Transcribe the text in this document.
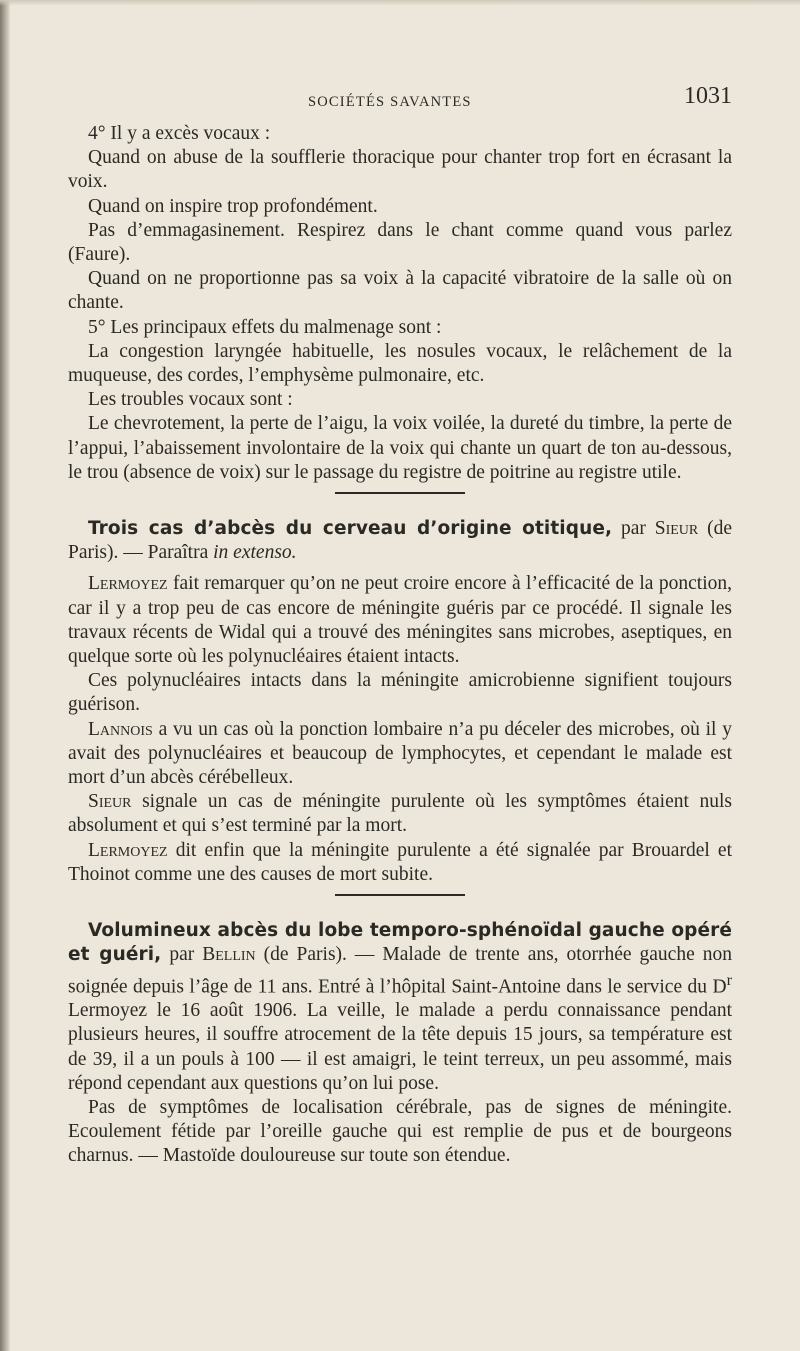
SOCIÉTÉS SAVANTES	1031

4° Il y a excès vocaux :

Quand on abuse de la soufflerie thoracique pour chanter trop fort en écrasant la voix.

Quand on inspire trop profondément.

Pas d’emmagasinement. Respirez dans le chant comme quand vous parlez (Faure).

Quand on ne proportionne pas sa voix à la capacité vibratoire de la salle où on chante.

5° Les principaux effets du malmenage sont :

La congestion laryngée habituelle, les nosules vocaux, le relâchement de la muqueuse, des cordes, l’emphysème pulmonaire, etc.

Les troubles vocaux sont :

Le chevrotement, la perte de l’aigu, la voix voilée, la dureté du timbre, la perte de l’appui, l’abaissement involontaire de la voix qui chante un quart de ton au-dessous, le trou (absence de voix) sur le passage du registre de poitrine au registre utile.

Trois cas d’abcès du cerveau d’origine otitique, par Sieur (de Paris). — Paraîtra in extenso.

Lermoyez fait remarquer qu’on ne peut croire encore à l’efficacité de la ponction, car il y a trop peu de cas encore de méningite guéris par ce procédé. Il signale les travaux récents de Widal qui a trouvé des méningites sans microbes, aseptiques, en quelque sorte où les polynucléaires étaient intacts.

Ces polynucléaires intacts dans la méningite amicrobienne signifient toujours guérison.

Lannois a vu un cas où la ponction lombaire n’a pu déceler des microbes, où il y avait des polynucléaires et beaucoup de lymphocytes, et cependant le malade est mort d’un abcès cérébelleux.

Sieur signale un cas de méningite purulente où les symptômes étaient nuls absolument et qui s’est terminé par la mort.

Lermoyez dit enfin que la méningite purulente a été signalée par Brouardel et Thoinot comme une des causes de mort subite.

Volumineux abcès du lobe temporo-sphénoïdal gauche opéré et guéri, par Bellin (de Paris). — Malade de trente ans, otorrhée gauche non soignée depuis l’âge de 11 ans. Entré à l’hôpital Saint-Antoine dans le service du $D^r$ Lermoyez le 16 août 1906. La veille, le malade a perdu connaissance pendant plusieurs heures, il souffre atrocement de la tête depuis 15 jours, sa température est de 39, il a un pouls à 100 — il est amaigri, le teint terreux, un peu assommé, mais répond cependant aux questions qu’on lui pose.

Pas de symptômes de localisation cérébrale, pas de signes de méningite. Ecoulement fétide par l’oreille gauche qui est remplie de pus et de bourgeons charnus. — Mastoïde douloureuse sur toute son étendue.
